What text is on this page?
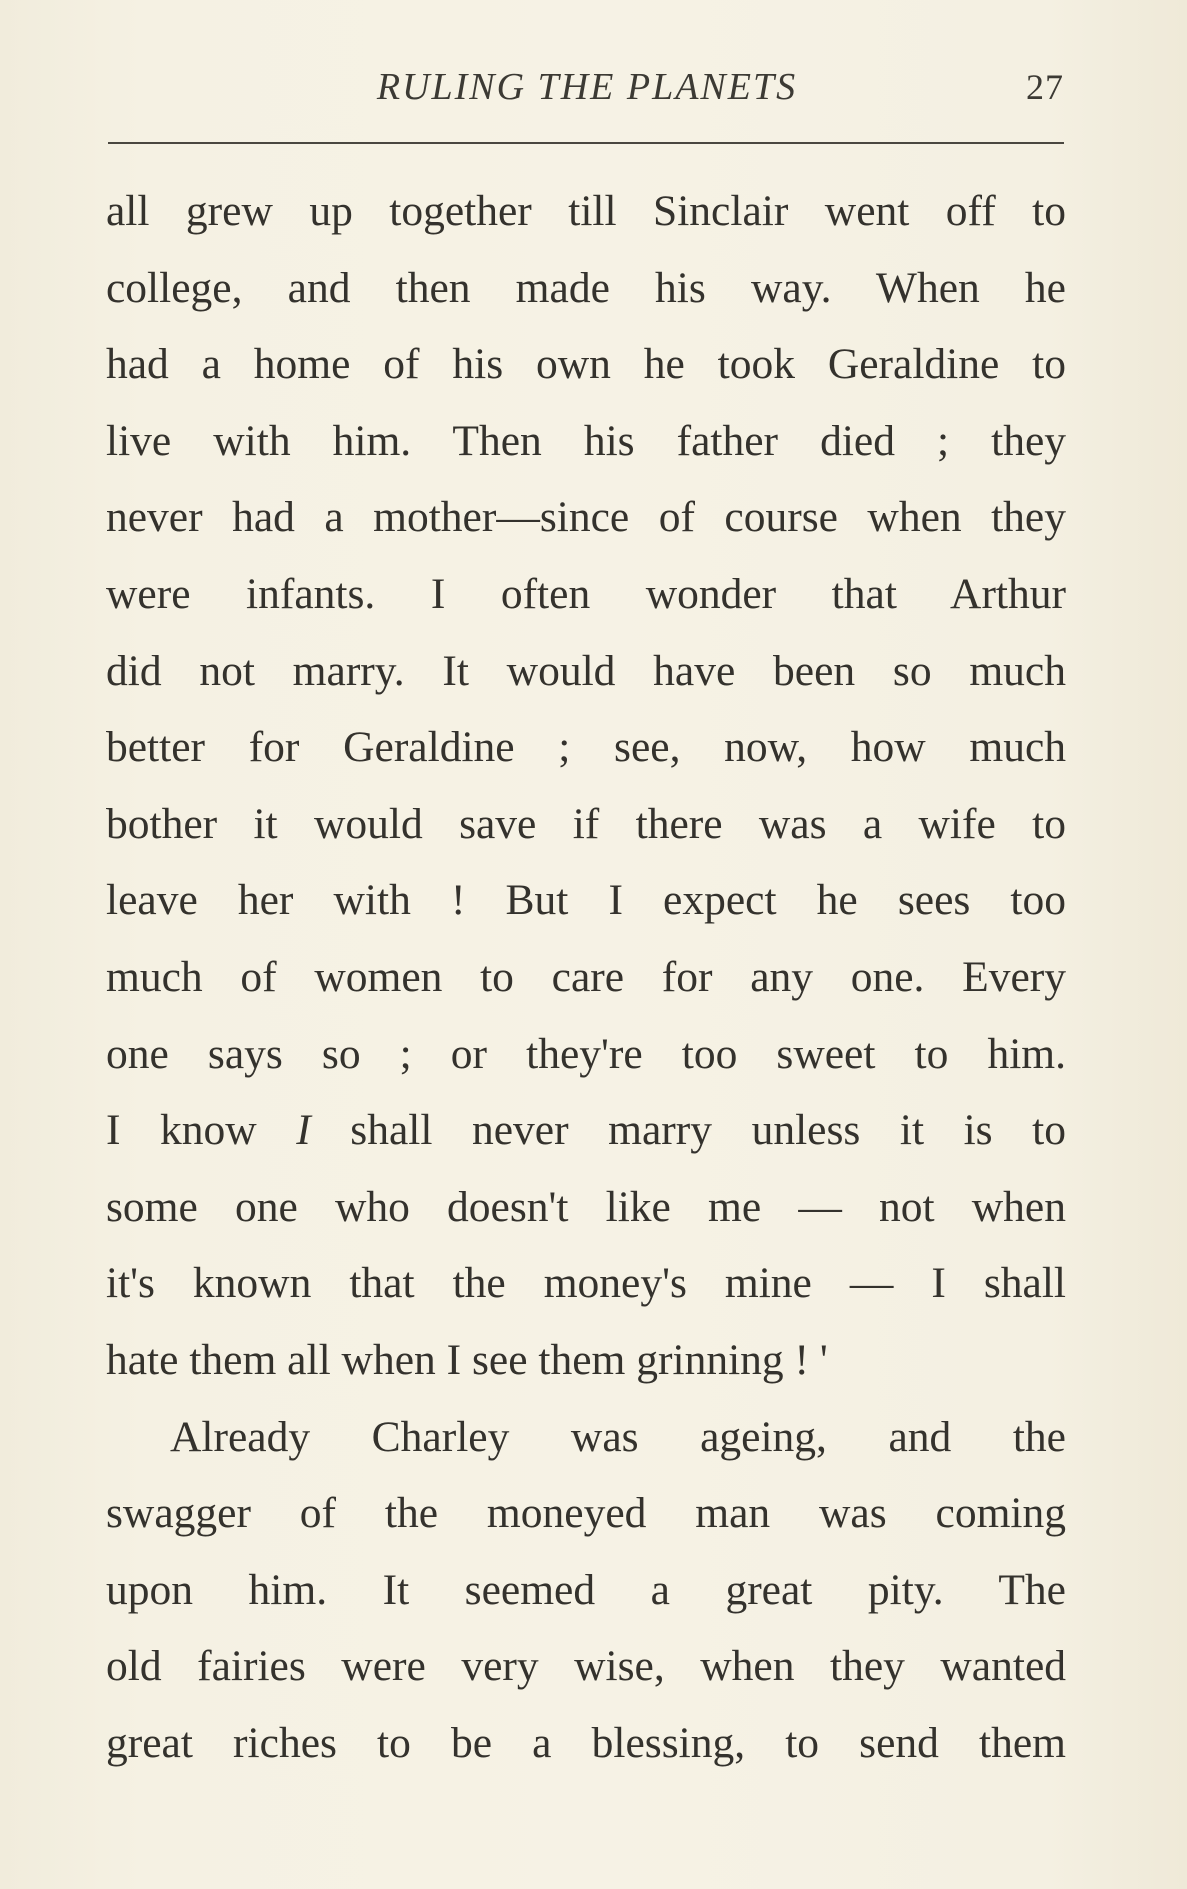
RULING THE PLANETS	27
all grew up together till Sinclair went off to
college, and then made his way. When he
had a home of his own he took Geraldine to
live with him. Then his father died ; they
never had a mother—since of course when they
were infants. I often wonder that Arthur
did not marry. It would have been so much
better for Geraldine ; see, now, how much
bother it would save if there was a wife to
leave her with ! But I expect he sees too
much of women to care for any one. Every
one says so ; or they're too sweet to him.
I know I shall never marry unless it is to
some one who doesn't like me — not when
it's known that the money's mine — I shall
hate them all when I see them grinning ! '
Already Charley was ageing, and the
swagger of the moneyed man was coming
upon him. It seemed a great pity. The
old fairies were very wise, when they wanted
great riches to be a blessing, to send them
